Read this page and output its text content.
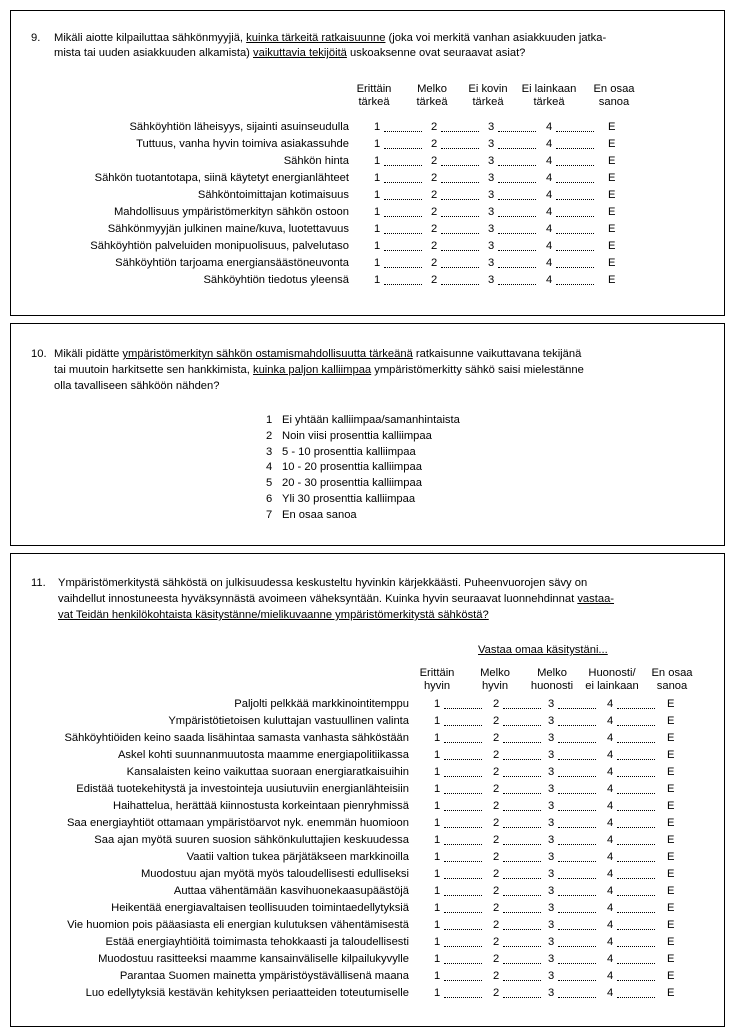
9. Mikäli aiotte kilpailuttaa sähkönmyyjiä, kuinka tärkeitä ratkaisuunne (joka voi merkitä vanhan asiakkuuden jatka-
mista tai uuden asiakkuuden alkamista) vaikuttavia tekijöitä uskoaksenne ovat seuraavat asiat?
Erittäin
tärkeä
Melko
tärkeä
Ei kovin
tärkeä
Ei lainkaan
tärkeä
En osaa
sanoa
Sähköyhtiön läheisyys, sijainti asuinseudulla 1	2	3	4	E
Tuttuus, vanha hyvin toimiva asiakassuhde 1	2	3	4	E
Sähkön hinta 1	2	3	4	E
Sähkön tuotantotapa, siinä käytetyt energianlähteet 1	2	3	4	E
Sähköntoimittajan kotimaisuus 1	2	3	4	E
Mahdollisuus ympäristömerkityn sähkön ostoon 1	2	3	4	E
Sähkönmyyjän julkinen maine/kuva, luotettavuus 1	2	3	4	E
Sähköyhtiön palveluiden monipuolisuus, palvelutaso 1	2	3	4	E
Sähköyhtiön tarjoama energiansäästöneuvonta 1	2	3	4	E
Sähköyhtiön tiedotus yleensä 1	2	3	4	E
10. Mikäli pidätte ympäristömerkityn sähkön ostamismahdollisuutta tärkeänä ratkaisunne vaikuttavana tekijänä
tai muutoin harkitsette sen hankkimista, kuinka paljon kalliimpaa ympäristömerkitty sähkö saisi mielestänne
olla tavalliseen sähköön nähden?
1 Ei yhtään kalliimpaa/samanhintaista
2 Noin viisi prosenttia kalliimpaa
3 5 - 10 prosenttia kalliimpaa
4 10 - 20 prosenttia kalliimpaa
5 20 - 30 prosenttia kalliimpaa
6 Yli 30 prosenttia kalliimpaa
7 En osaa sanoa
11. Ympäristömerkitystä sähköstä on julkisuudessa keskusteltu hyvinkin kärjekkäästi. Puheenvuorojen sävy on
vaihdellut innostuneesta hyväksynnästä avoimeen väheksyntään. Kuinka hyvin seuraavat luonnehdinnat vastaa-
vat Teidän henkilökohtaista käsitystänne/mielikuvaanne ympäristömerkitystä sähköstä?
Vastaa omaa käsitystäni...
Erittäin
hyvin
Melko
hyvin
Melko
huonosti
Huonosti/
ei lainkaan
En osaa
sanoa
Paljolti pelkkää markkinointitemppu 1	2	3	4	E
Ympäristötietoisen kuluttajan vastuullinen valinta 1	2	3	4	E
Sähköyhtiöiden keino saada lisähintaa samasta vanhasta sähköstään 1	2	3	4	E
Askel kohti suunnanmuutosta maamme energiapolitiikassa 1	2	3	4	E
Kansalaisten keino vaikuttaa suoraan energiaratkaisuihin 1	2	3	4	E
Edistää tuotekehitystä ja investointeja uusiutuviin energianlähteisiin 1	2	3	4	E
Haihattelua, herättää kiinnostusta korkeintaan pienryhmissä 1	2	3	4	E
Saa energiayhtiöt ottamaan ympäristöarvot nyk. enemmän huomioon 1	2	3	4	E
Saa ajan myötä suuren suosion sähkönkuluttajien keskuudessa 1	2	3	4	E
Vaatii valtion tukea pärjätäkseen markkinoilla 1	2	3	4	E
Muodostuu ajan myötä myös taloudellisesti edulliseksi 1	2	3	4	E
Auttaa vähentämään kasvihuonekaasupäästöjä 1	2	3	4	E
Heikentää energiavaltaisen teollisuuden toimintaedellytyksiä 1	2	3	4	E
Vie huomion pois pääasiasta eli energian kulutuksen vähentämisestä 1	2	3	4	E
Estää energiayhtiöitä toimimasta tehokkaasti ja taloudellisesti 1	2	3	4	E
Muodostuu rasitteeksi maamme kansainväliselle kilpailukyvylle 1	2	3	4	E
Parantaa Suomen mainetta ympäristöystävällisenä maana 1	2	3	4	E
Luo edellytyksiä kestävän kehityksen periaatteiden toteutumiselle 1	2	3	4	E
